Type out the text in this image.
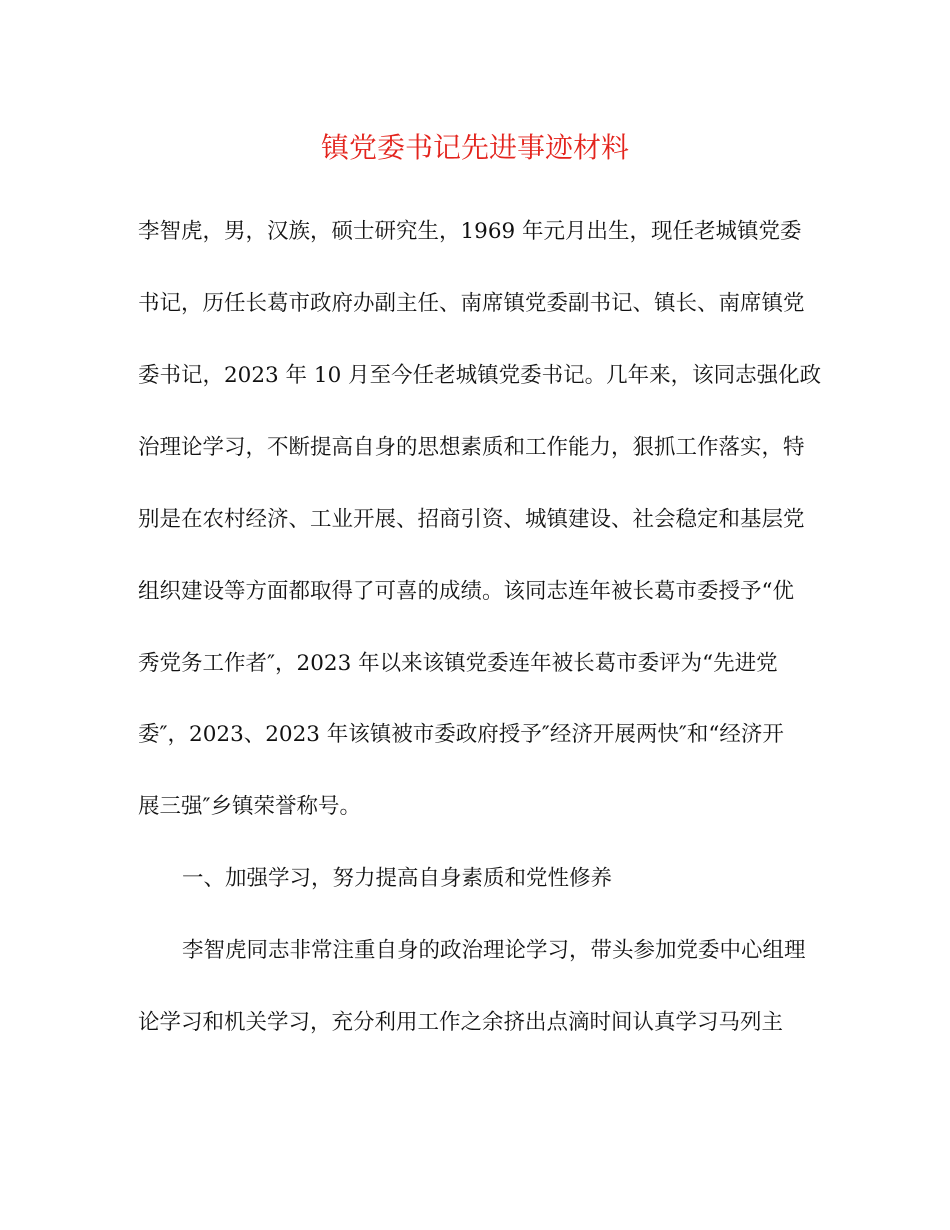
镇党委书记先进事迹材料
李智虎，男，汉族，硕士研究生，1969 年元月出生，现任老城镇党委
书记，历任长葛市政府办副主任、南席镇党委副书记、镇长、南席镇党
委书记，2023 年 10 月至今任老城镇党委书记。几年来，该同志强化政
治理论学习，不断提高自身的思想素质和工作能力，狠抓工作落实，特
别是在农村经济、工业开展、招商引资、城镇建设、社会稳定和基层党
组织建设等方面都取得了可喜的成绩。该同志连年被长葛市委授予“优
秀党务工作者″，2023 年以来该镇党委连年被长葛市委评为“先进党
委″，2023、2023 年该镇被市委政府授予″经济开展两快″和“经济开
展三强″乡镇荣誉称号。
一、加强学习，努力提高自身素质和党性修养
李智虎同志非常注重自身的政治理论学习，带头参加党委中心组理
论学习和机关学习，充分利用工作之余挤出点滴时间认真学习马列主
